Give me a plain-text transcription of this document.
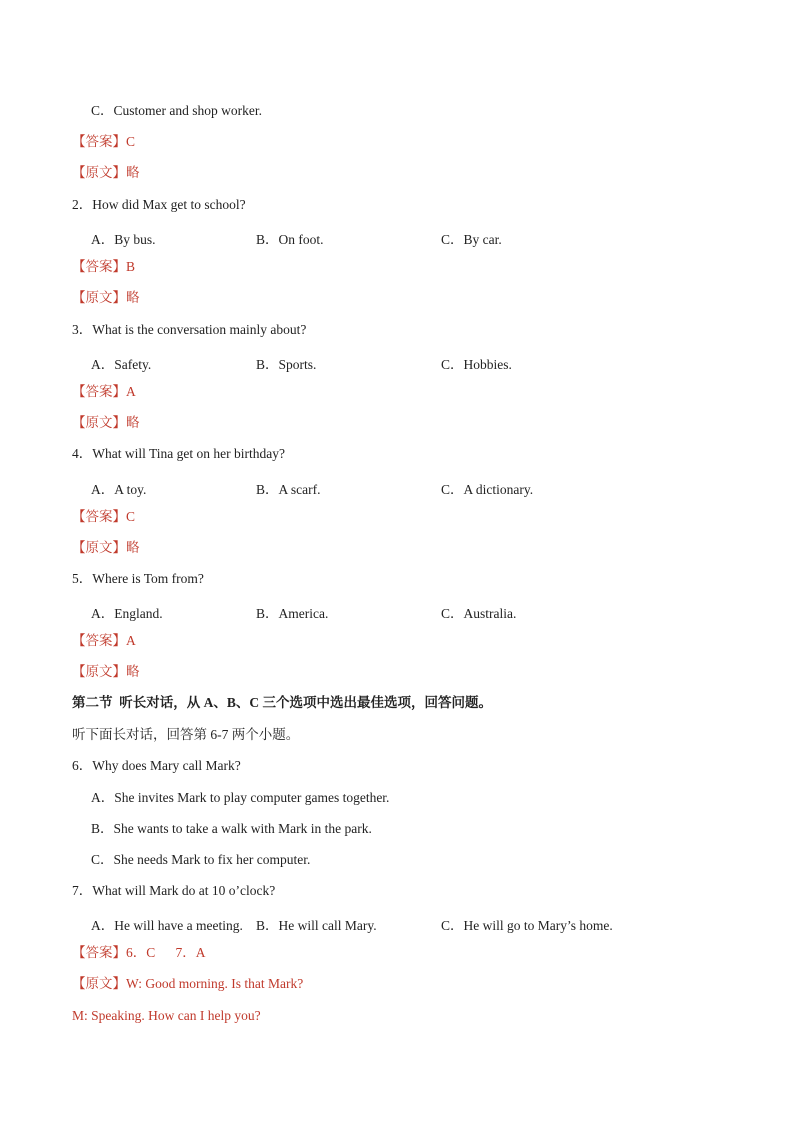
C．Customer and shop worker.
【答案】C
【原文】略
2．How did Max get to school?
A．By bus.	B．On foot.	C．By car.
【答案】B
【原文】略
3．What is the conversation mainly about?
A．Safety.	B．Sports.	C．Hobbies.
【答案】A
【原文】略
4．What will Tina get on her birthday?
A．A toy.	B．A scarf.	C．A dictionary.
【答案】C
【原文】略
5．Where is Tom from?
A．England.	B．America.	C．Australia.
【答案】A
【原文】略
第二节  听长对话，从 A、B、C 三个选项中选出最佳选项，回答问题。
听下面长对话，回答第 6-7 两个小题。
6．Why does Mary call Mark?
A．She invites Mark to play computer games together.
B．She wants to take a walk with Mark in the park.
C．She needs Mark to fix her computer.
7．What will Mark do at 10 o’clock?
A．He will have a meeting. B．He will call Mary.	C．He will go to Mary’s home.
【答案】6．C      7．A
【原文】W: Good morning. Is that Mark?
M: Speaking. How can I help you?
